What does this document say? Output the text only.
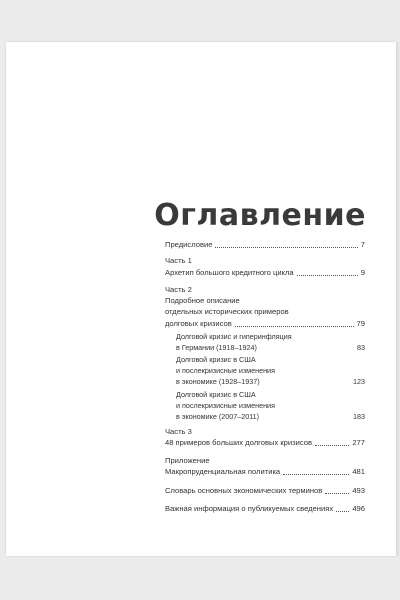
Оглавление
Предисловие	7
Часть 1
Архетип большого кредитного цикла	9
Часть 2
Подробное описание
отдельных исторических примеров
долговых кризисов	79
Долговой кризис и гиперинфляция
в Германии (1918–1924)	83
Долговой кризис в США
и послекризисные изменения
в экономике (1928–1937)	123
Долговой кризис в США
и послекризисные изменения
в экономике (2007–2011)	183
Часть 3
48 примеров больших долговых кризисов	277
Приложение
Макропруденциальная политика	481
Словарь основных экономических терминов	493
Важная информация о публикуемых сведениях	496
